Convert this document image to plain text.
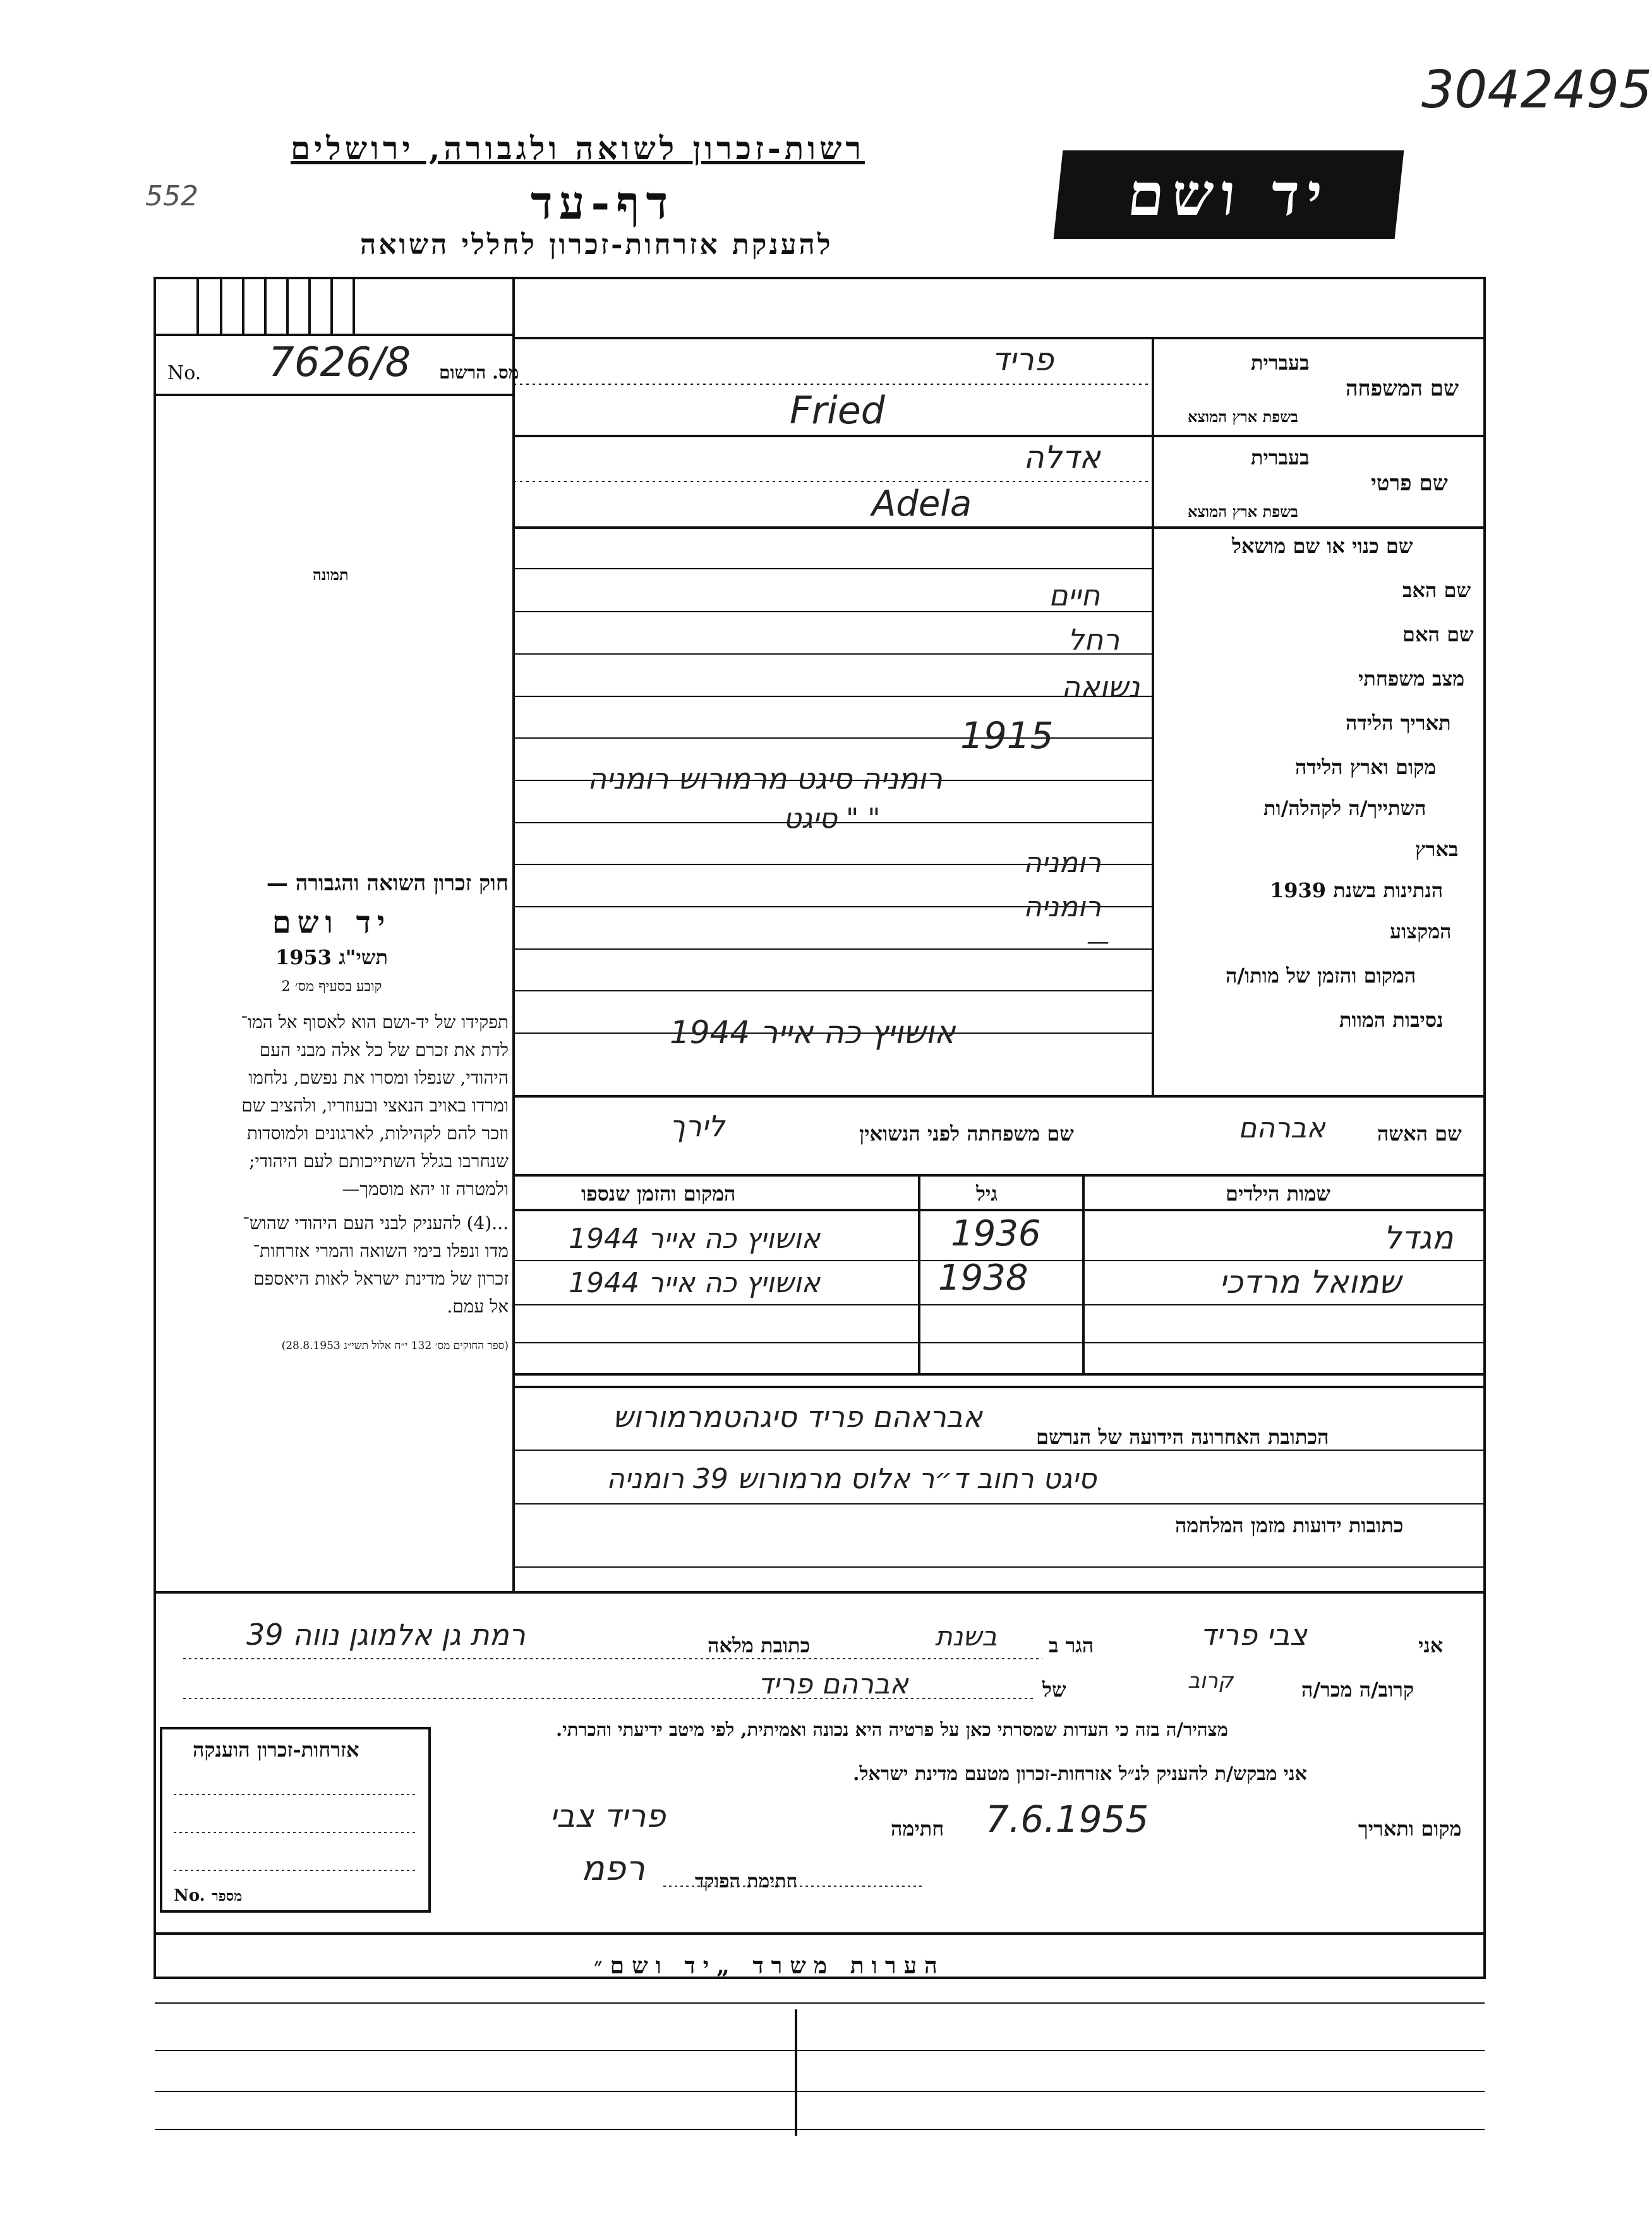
3042495
552
רשות-זכרון לשואה ולגבורה, ירושלים
דף-עד
להענקת אזרחות-זכרון לחללי השואה
יד ושם
No. 7626/8 מס. הרשום
תמונה
חוק זכרון השואה והגבורה —
יד ושם
תשי"ג 1953
קובע בסעיף מס׳ 2
תפקידו של יד-ושם הוא לאסוף אל המו־
לדת את זכרם של כל אלה מבני העם
היהודי, שנפלו ומסרו את נפשם, נלחמו
ומרדו באויב הנאצי ובעוזריו, ולהציב שם
וזכר להם לקהילות, לארגונים ולמוסדות
שנחרבו בגלל השתייכותם לעם היהודי;
ולמטרה זו יהא מוסמך—
...(4) להעניק לבני העם היהודי שהוש־
מדו ונפלו בימי השואה והמרי אזרחות־
זכרון של מדינת ישראל לאות היאספם
אל עמם.
(ספר החוקים מס׳ 132 י״ח אלול תשי״ג 28.8.1953)
בעברית
שם המשפחה
בשפת ארץ המוצא
בעברית
שם פרטי
בשפת ארץ המוצא
שם כנוי או שם מושאל
שם האב
שם האם
מצב משפחתי
תאריך הלידה
מקום וארץ הלידה
השתייך/ה לקהלה/ות
בארץ
הנתינות בשנת 1939
המקצוע
המקום והזמן של מותו/ה
נסיבות המוות
פריד
Fried
אדלה
Adela
חיים
רחל
נשואה
1915
רומניה סיגט מרמורוש רומניה
סיגט " "
רומניה
רומניה
—
אושויץ כה אייר 1944
שם האשה
אברהם
שם משפחתה לפני הנשואין
לירך
שמות הילדים
גיל
המקום והזמן שנספו
מגדל
1936
אושויץ כה אייר 1944
שמואל מרדכי
1938
אושויץ כה אייר 1944
הכתובת האחרונה הידועה של הנרשם
אבראהם פריד סיגהטמרמורוש
סיגט רחוב ד״ר אלוס מרמורוש 39 רומניה
כתובות ידועות מזמן המלחמה
אני
צבי פריד
הגר ב
בשנת
כתובת מלאה
רמת גן אלמוגן נווה 39
קרוב/ה מכר/ה
קרוב
של
אברהם פריד
מצהיר/ה בזה כי העדות שמסרתי כאן על פרטיה היא נכונה ואמיתית, לפי מיטב ידיעתי והכרתי.
אני מבקש/ת להעניק לנ״ל אזרחות-זכרון מטעם מדינת ישראל.
מקום ותאריך
7.6.1955
חתימה
פריד צבי
חתימת הפוקד
רפמ
אזרחות-זכרון הוענקה
No. מספר
הערות משרד „יד ושם״
